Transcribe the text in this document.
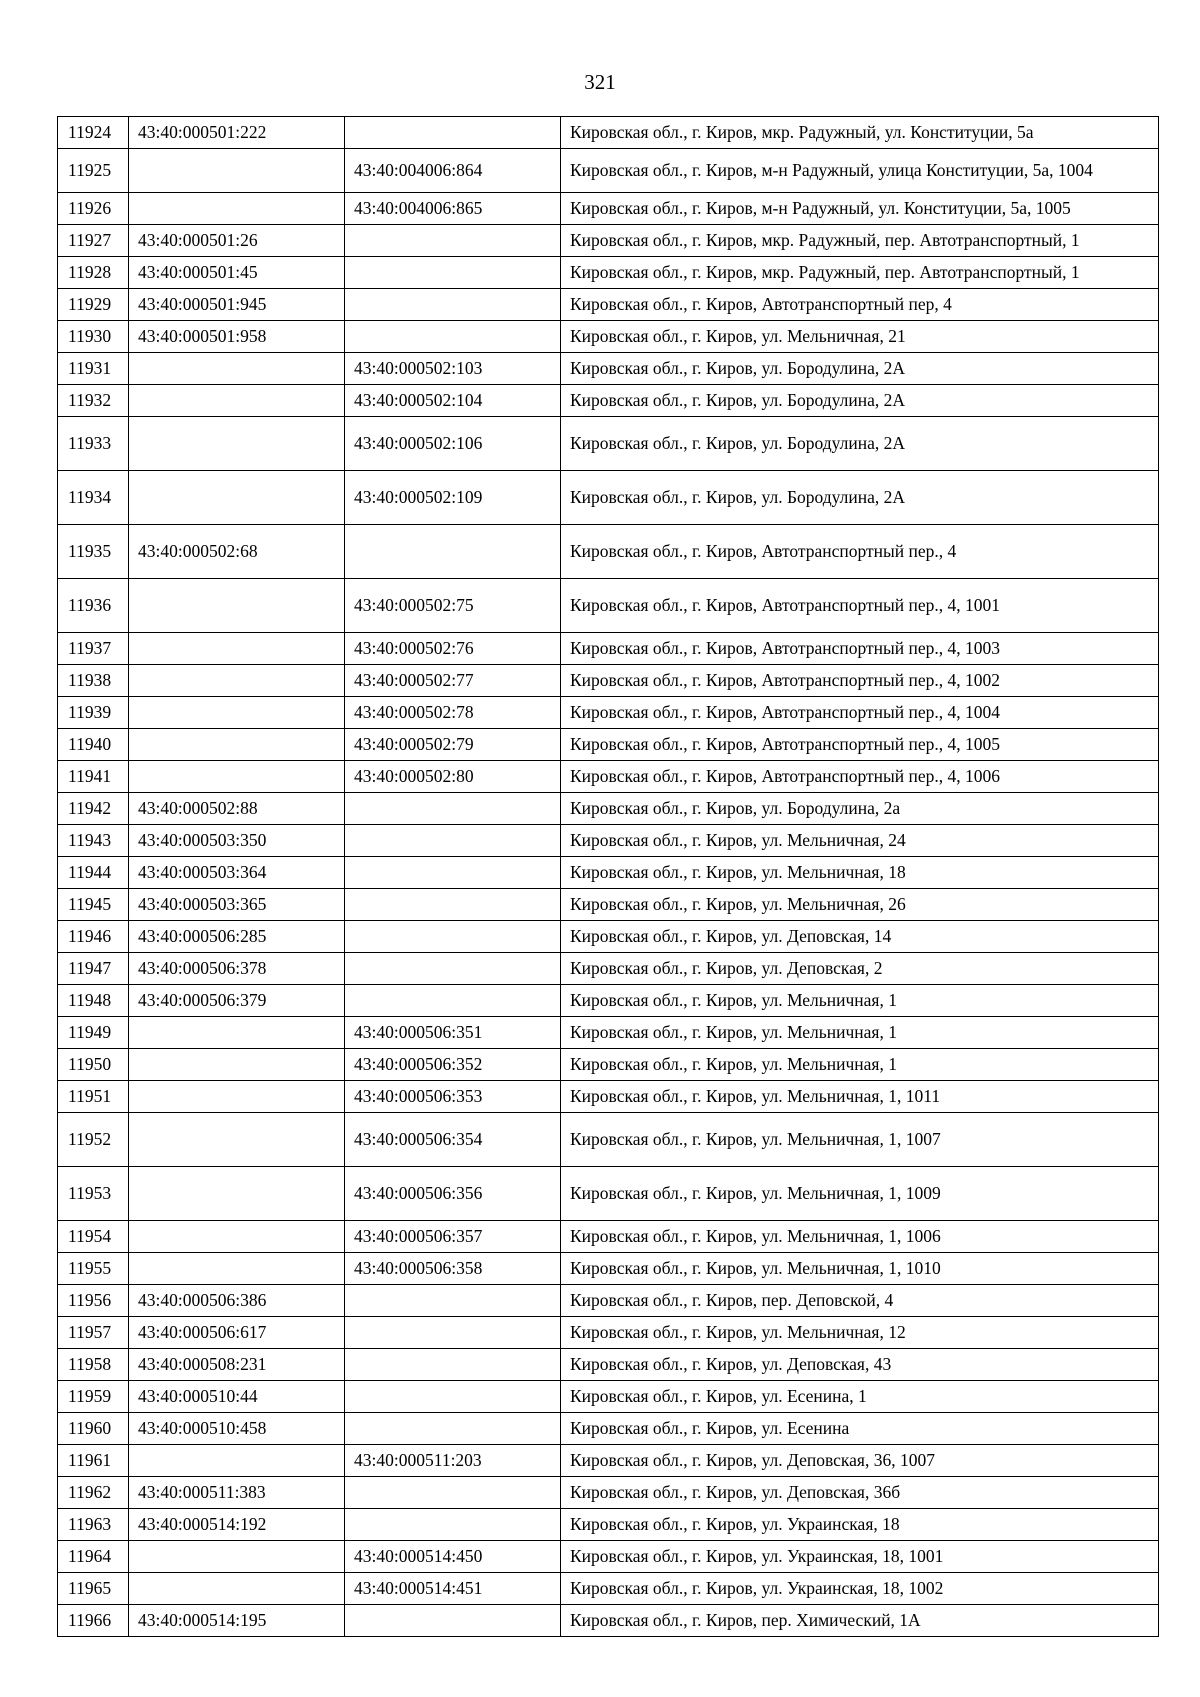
321
11924	43:40:000501:222		Кировская обл., г. Киров, мкр. Радужный, ул. Конституции, 5а
11925		43:40:004006:864	Кировская обл., г. Киров, м-н Радужный, улица Конституции, 5а, 1004
11926		43:40:004006:865	Кировская обл., г. Киров, м-н Радужный, ул. Конституции, 5а, 1005
11927	43:40:000501:26		Кировская обл., г. Киров, мкр. Радужный, пер. Автотранспортный, 1
11928	43:40:000501:45		Кировская обл., г. Киров, мкр. Радужный, пер. Автотранспортный, 1
11929	43:40:000501:945		Кировская обл., г. Киров, Автотранспортный пер, 4
11930	43:40:000501:958		Кировская обл., г. Киров, ул. Мельничная, 21
11931		43:40:000502:103	Кировская обл., г. Киров, ул. Бородулина, 2А
11932		43:40:000502:104	Кировская обл., г. Киров, ул. Бородулина, 2А
11933		43:40:000502:106	Кировская обл., г. Киров, ул. Бородулина, 2А
11934		43:40:000502:109	Кировская обл., г. Киров, ул. Бородулина, 2А
11935	43:40:000502:68		Кировская обл., г. Киров, Автотранспортный пер., 4
11936		43:40:000502:75	Кировская обл., г. Киров, Автотранспортный пер., 4, 1001
11937		43:40:000502:76	Кировская обл., г. Киров, Автотранспортный пер., 4, 1003
11938		43:40:000502:77	Кировская обл., г. Киров, Автотранспортный пер., 4, 1002
11939		43:40:000502:78	Кировская обл., г. Киров, Автотранспортный пер., 4, 1004
11940		43:40:000502:79	Кировская обл., г. Киров, Автотранспортный пер., 4, 1005
11941		43:40:000502:80	Кировская обл., г. Киров, Автотранспортный пер., 4, 1006
11942	43:40:000502:88		Кировская обл., г. Киров, ул. Бородулина, 2а
11943	43:40:000503:350		Кировская обл., г. Киров, ул. Мельничная, 24
11944	43:40:000503:364		Кировская обл., г. Киров, ул. Мельничная, 18
11945	43:40:000503:365		Кировская обл., г. Киров, ул. Мельничная, 26
11946	43:40:000506:285		Кировская обл., г. Киров, ул. Деповская, 14
11947	43:40:000506:378		Кировская обл., г. Киров, ул. Деповская, 2
11948	43:40:000506:379		Кировская обл., г. Киров, ул. Мельничная, 1
11949		43:40:000506:351	Кировская обл., г. Киров, ул. Мельничная, 1
11950		43:40:000506:352	Кировская обл., г. Киров, ул. Мельничная, 1
11951		43:40:000506:353	Кировская обл., г. Киров, ул. Мельничная, 1, 1011
11952		43:40:000506:354	Кировская обл., г. Киров, ул. Мельничная, 1, 1007
11953		43:40:000506:356	Кировская обл., г. Киров, ул. Мельничная, 1, 1009
11954		43:40:000506:357	Кировская обл., г. Киров, ул. Мельничная, 1, 1006
11955		43:40:000506:358	Кировская обл., г. Киров, ул. Мельничная, 1, 1010
11956	43:40:000506:386		Кировская обл., г. Киров, пер. Деповской, 4
11957	43:40:000506:617		Кировская обл., г. Киров, ул. Мельничная, 12
11958	43:40:000508:231		Кировская обл., г. Киров, ул. Деповская, 43
11959	43:40:000510:44		Кировская обл., г. Киров, ул. Есенина, 1
11960	43:40:000510:458		Кировская обл., г. Киров, ул. Есенина
11961		43:40:000511:203	Кировская обл., г. Киров, ул. Деповская, 36, 1007
11962	43:40:000511:383		Кировская обл., г. Киров, ул. Деповская, 36б
11963	43:40:000514:192		Кировская обл., г. Киров, ул. Украинская, 18
11964		43:40:000514:450	Кировская обл., г. Киров, ул. Украинская, 18, 1001
11965		43:40:000514:451	Кировская обл., г. Киров, ул. Украинская, 18, 1002
11966	43:40:000514:195		Кировская обл., г. Киров, пер. Химический, 1А
